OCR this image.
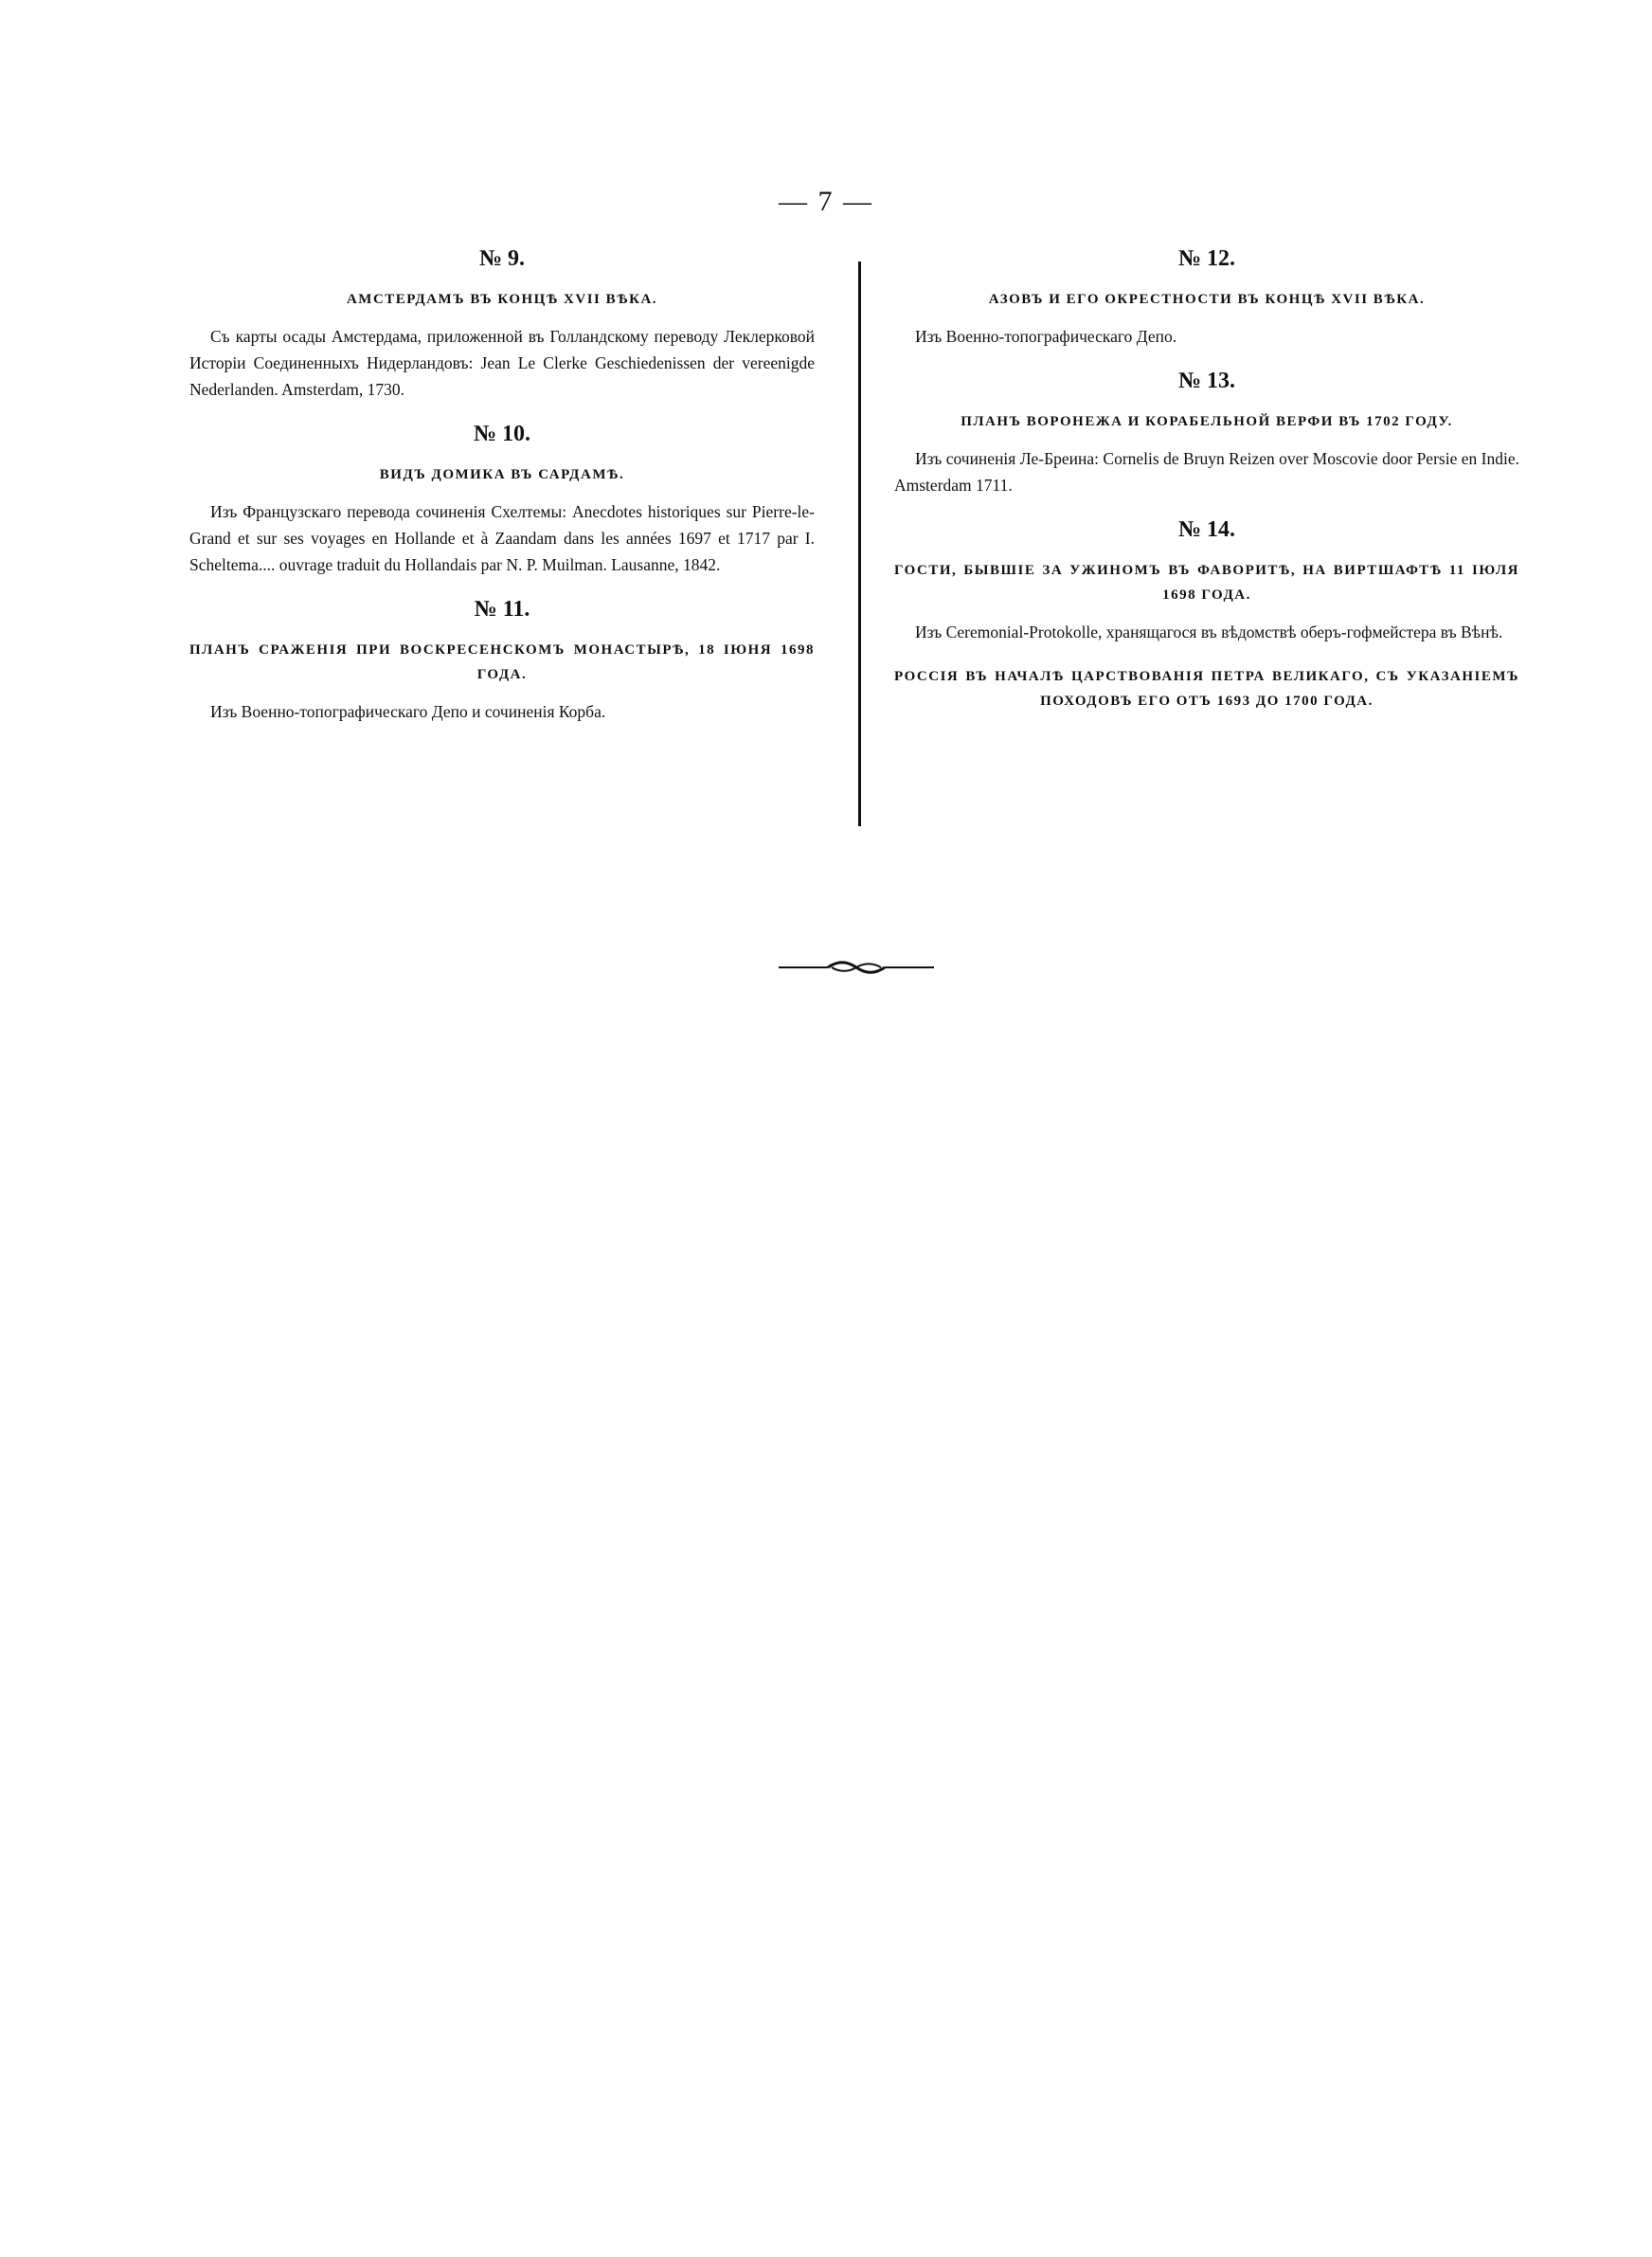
— 7 —
№ 9.
АМСТЕРДАМЪ ВЪ КОНЦѢ XVII ВѢКА.
Съ карты осады Амстердама, приложенной въ Голландскому переводу Леклерковой Исторіи Соединенныхъ Нидерландовъ: Jean Le Clerke Geschiedenissen der vereenigde Nederlanden. Amsterdam, 1730.
№ 10.
ВИДЪ ДОМИКА ВЪ САРДАМѢ.
Изъ Французскаго перевода сочиненія Схелтемы: Anecdotes historiques sur Pierre-le-Grand et sur ses voyages en Hollande et à Zaandam dans les années 1697 et 1717 par I. Scheltema.... ouvrage traduit du Hollandais par N. P. Muilman. Lausanne, 1842.
№ 11.
ПЛАНЪ СРАЖЕНІЯ ПРИ ВОСКРЕСЕНСКОМЪ МОНАСТЫРѢ, 18 ІЮНЯ 1698 ГОДА.
Изъ Военно-топографическаго Депо и сочиненія Корба.
№ 12.
АЗОВЪ И ЕГО ОКРЕСТНОСТИ ВЪ КОНЦѢ XVII ВѢКА.
Изъ Военно-топографическаго Депо.
№ 13.
ПЛАНЪ ВОРОНЕЖА И КОРАБЕЛЬНОЙ ВЕРФИ ВЪ 1702 ГОДУ.
Изъ сочиненія Ле-Бреина: Cornelis de Bruyn Reizen over Moscovie door Persie en Indie. Amsterdam 1711.
№ 14.
ГОСТИ, БЫВШІЕ ЗА УЖИНОМЪ ВЪ ФАВОРИТѢ, НА ВИРТШАФТѢ 11 ІЮЛЯ 1698 ГОДА.
Изъ Ceremonial-Protokolle, хранящагося въ вѣдомствѣ оберъ-гофмейстера въ Вѣнѣ.
РОССІЯ ВЪ НАЧАЛѢ ЦАРСТВОВАНІЯ ПЕТРА ВЕЛИКАГО, СЪ УКАЗАНІЕМЪ ПОХОДОВЪ ЕГО ОТЪ 1693 ДО 1700 ГОДА.
